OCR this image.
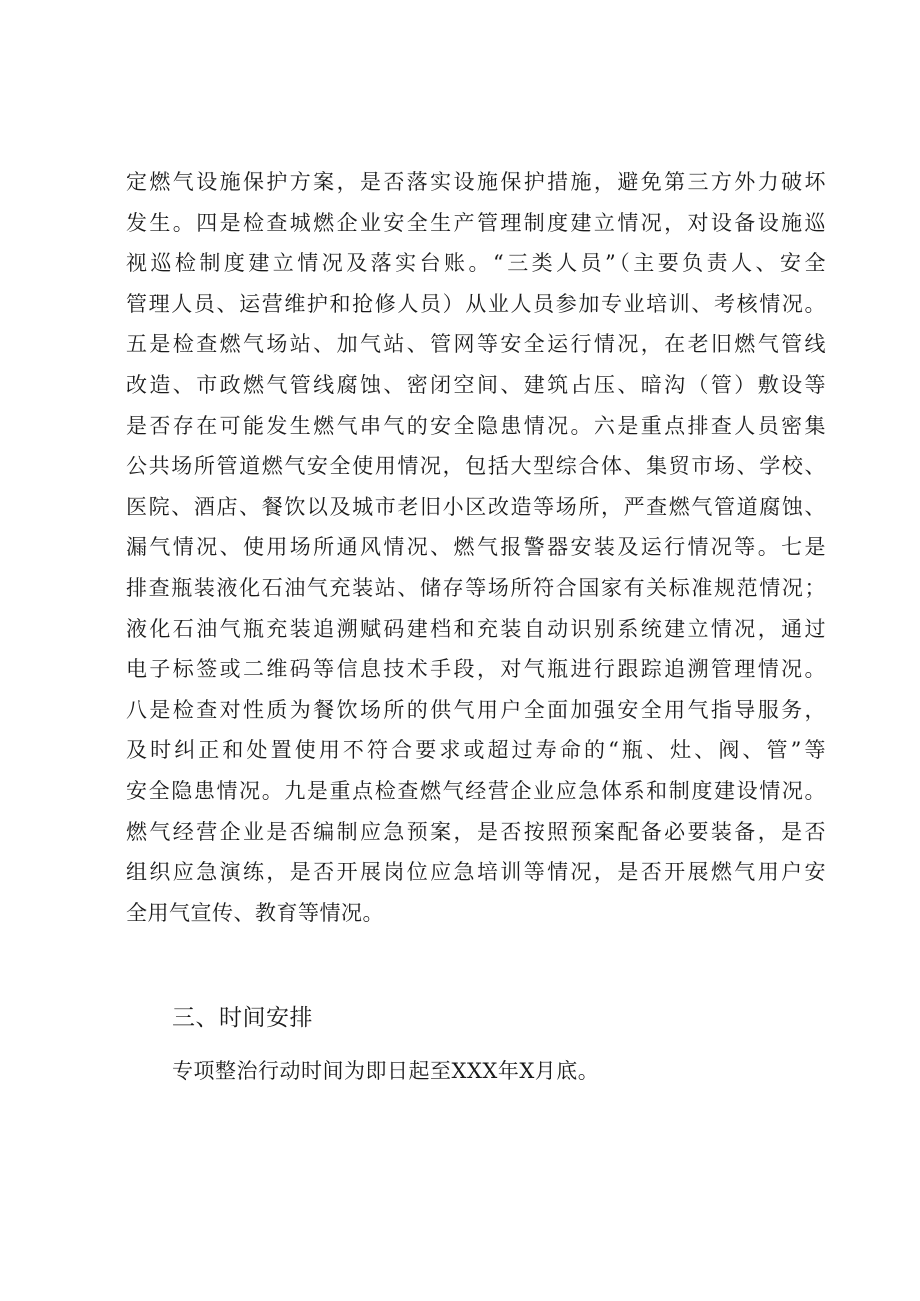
定燃气设施保护方案，是否落实设施保护措施，避免第三方外力破坏
发生。四是检查城燃企业安全生产管理制度建立情况，对设备设施巡
视巡检制度建立情况及落实台账。“三类人员”（主要负责人、安全
管理人员、运营维护和抢修人员）从业人员参加专业培训、考核情况。
五是检查燃气场站、加气站、管网等安全运行情况，在老旧燃气管线
改造、市政燃气管线腐蚀、密闭空间、建筑占压、暗沟（管）敷设等
是否存在可能发生燃气串气的安全隐患情况。六是重点排查人员密集
公共场所管道燃气安全使用情况，包括大型综合体、集贸市场、学校、
医院、酒店、餐饮以及城市老旧小区改造等场所，严查燃气管道腐蚀、
漏气情况、使用场所通风情况、燃气报警器安装及运行情况等。七是
排查瓶装液化石油气充装站、储存等场所符合国家有关标准规范情况；
液化石油气瓶充装追溯赋码建档和充装自动识别系统建立情况，通过
电子标签或二维码等信息技术手段，对气瓶进行跟踪追溯管理情况。
八是检查对性质为餐饮场所的供气用户全面加强安全用气指导服务，
及时纠正和处置使用不符合要求或超过寿命的“瓶、灶、阀、管”等
安全隐患情况。九是重点检查燃气经营企业应急体系和制度建设情况。
燃气经营企业是否编制应急预案，是否按照预案配备必要装备，是否
组织应急演练，是否开展岗位应急培训等情况，是否开展燃气用户安
全用气宣传、教育等情况。
三、时间安排
专项整治行动时间为即日起至XXX年X月底。
